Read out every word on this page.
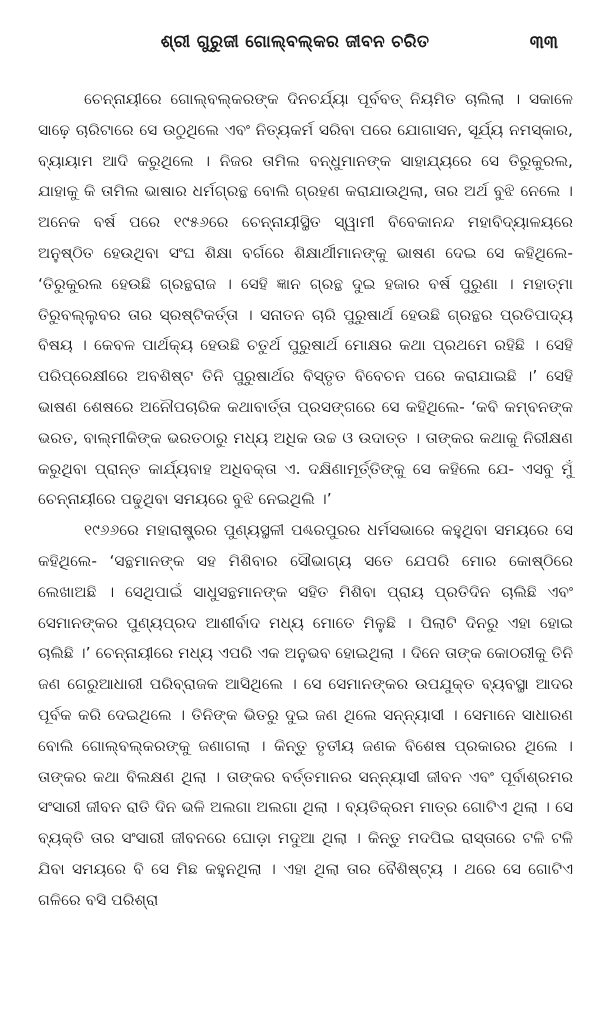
ଶ୍ରୀ ଗୁରୁଜୀ ଗୋଲ୍‌ବଲ୍‌କର ଜୀବନ ଚରିତ	୩୩

ଚେନ୍ନାୟୀରେ ଗୋଲ୍‌ବଲ୍‌କରଙ୍କ ଦିନଚର୍ଯ୍ୟା ପୂର୍ବବତ୍ ନିୟମିତ ଚାଲିଲା । ସକାଳେ ସାଢ଼େ ଚାରିଟାରେ ସେ ଉଠୁଥିଲେ ଏବଂ ନିତ୍ୟକର୍ମ ସରିବା ପରେ ଯୋଗାସନ, ସୂର୍ଯ୍ୟ ନମସ୍କାର, ବ୍ୟାୟାମ ଆଦି କରୁଥିଲେ । ନିଜର ତାମିଲ ବନ୍ଧୁମାନଙ୍କ ସାହାଯ୍ୟରେ ସେ ତିରୁକୁରଲ, ଯାହାକୁ କି ତାମିଲ ଭାଷାର ଧର୍ମଗ୍ରନ୍ଥ ବୋଲି ଗ୍ରହଣ କରାଯାଉଥିଲା, ତାର ଅର୍ଥ ବୁଝି ନେଲେ । ଅନେକ ବର୍ଷ ପରେ ୧୯୫୬ରେ ଚେନ୍ନାୟୀସ୍ଥିତ ସ୍ୱାମୀ ବିବେକାନନ୍ଦ ମହାବିଦ୍ୟାଳୟରେ ଅନୁଷ୍ଠିତ ହେଉଥିବା ସଂଘ ଶିକ୍ଷା ବର୍ଗରେ ଶିକ୍ଷାର୍ଥୀମାନଙ୍କୁ ଭାଷଣ ଦେଇ ସେ କହିଥିଲେ- ‘ତିରୁକୁରଲ ହେଉଛି ଗ୍ରନ୍ଥରାଜ । ସେହି ଜ୍ଞାନ ଗ୍ରନ୍ଥ ଦୁଇ ହଜାର ବର୍ଷ ପୁରୁଣା । ମହାତ୍ମା ତିରୁବଲ୍ଲୁବର ତାର ସ୍ରଷ୍ଟିକର୍ତ୍ତା । ସନାତନ ଚାରି ପୁରୁଷାର୍ଥ ହେଉଛି ଗ୍ରନ୍ଥର ପ୍ରତିପାଦ୍ୟ ବିଷୟ । କେବଳ ପାର୍ଥକ୍ୟ ହେଉଛି ଚତୁର୍ଥ ପୁରୁଷାର୍ଥ ମୋକ୍ଷର କଥା ପ୍ରଥମେ ରହିଛି । ସେହି ପରିପ୍ରେକ୍ଷୀରେ ଅବଶିଷ୍ଟ ତିନି ପୁରୁଷାର୍ଥର ବିସ୍ତୃତ ବିବେଚନ ପରେ କରାଯାଇଛି ।’ ସେହି ଭାଷଣ ଶେଷରେ ଅନୌପଚାରିକ କଥାବାର୍ତ୍ତା ପ୍ରସଙ୍ଗରେ ସେ କହିଥିଲେ- ‘କବି କମ୍ବନଙ୍କ ଭରତ, ବାଲ୍ମୀକିଙ୍କ ଭରତଠାରୁ ମଧ୍ୟ ଅଧିକ ଉଚ୍ଚ ଓ ଉଦାତ୍ତ । ତାଙ୍କର କଥାକୁ ନିରୀକ୍ଷଣ କରୁଥିବା ପ୍ରାନ୍ତ କାର୍ଯ୍ୟବାହ ଅଧିବକ୍ତା ଏ. ଦକ୍ଷିଣାମୂର୍ତ୍ତିଙ୍କୁ ସେ କହିଲେ ଯେ- ଏସବୁ ମୁଁ ଚେନ୍ନାୟୀରେ ପଢୁଥିବା ସମୟରେ ବୁଝି ନେଇଥିଲି ।’

୧୯୬୬ରେ ମହାରାଷ୍ଟ୍ରର ପୁଣ୍ୟସ୍ଥଳୀ ପଣ୍ଢରପୁରର ଧର୍ମସଭାରେ କହୁଥିବା ସମୟରେ ସେ କହିଥିଲେ- ‘ସନ୍ଥମାନଙ୍କ ସହ ମିଶିବାର ସୌଭାଗ୍ୟ ସତେ ଯେପରି ମୋର କୋଷ୍ଠିରେ ଲେଖାଅଛି । ସେଥିପାଇଁ ସାଧୁସନ୍ଥମାନଙ୍କ ସହିତ ମିଶିବା ପ୍ରାୟ ପ୍ରତିଦିନ ଚାଲିଛି ଏବଂ ସେମାନଙ୍କର ପୁଣ୍ୟପ୍ରଦ ଆଶୀର୍ବାଦ ମଧ୍ୟ ମୋତେ ମିଳୁଛି । ପିଲାଟି ଦିନରୁ ଏହା ହୋଇ ଚାଲିଛି ।’ ଚେନ୍ନାୟୀରେ ମଧ୍ୟ ଏପରି ଏକ ଅନୁଭବ ହୋଇଥିଲା । ଦିନେ ତାଙ୍କ କୋଠରୀକୁ ତିନି ଜଣ ଗେରୁଆଧାରୀ ପରିବ୍ରାଜକ ଆସିଥିଲେ । ସେ ସେମାନଙ୍କର ଉପଯୁକ୍ତ ବ୍ୟବସ୍ଥା ଆଦର ପୂର୍ବକ କରି ଦେଇଥିଲେ । ତିନିଙ୍କ ଭିତରୁ ଦୁଇ ଜଣ ଥିଲେ ସନ୍ନ୍ୟାସୀ । ସେମାନେ ସାଧାରଣ ବୋଲି ଗୋଲ୍‌ବଲ୍‌କରଙ୍କୁ ଜଣାଗଲା । କିନ୍ତୁ ତୃତୀୟ ଜଣକ ବିଶେଷ ପ୍ରକାରର ଥିଲେ । ତାଙ୍କର କଥା ବିଲକ୍ଷଣ ଥିଲା । ତାଙ୍କର ବର୍ତ୍ତମାନର ସନ୍ନ୍ୟାସୀ ଜୀବନ ଏବଂ ପୂର୍ବାଶ୍ରମର ସଂସାରୀ ଜୀବନ ରାତି ଦିନ ଭଳି ଅଲଗା ଅଲଗା ଥିଲା । ବ୍ୟତିକ୍ରମ ମାତ୍ର ଗୋଟିଏ ଥିଲା । ସେ ବ୍ୟକ୍ତି ତାର ସଂସାରୀ ଜୀବନରେ ଘୋଡ଼ା ମଦୁଆ ଥିଲା । କିନ୍ତୁ ମଦପିଇ ରାସ୍ତାରେ ଟଳି ଟଳି ଯିବା ସମୟରେ ବି ସେ ମିଛ କହୁନଥିଲା । ଏହା ଥିଲା ତାର ବୈଶିଷ୍ଟ୍ୟ । ଥରେ ସେ ଗୋଟିଏ ଗଳିରେ ବସି ପରିଶ୍ରା
